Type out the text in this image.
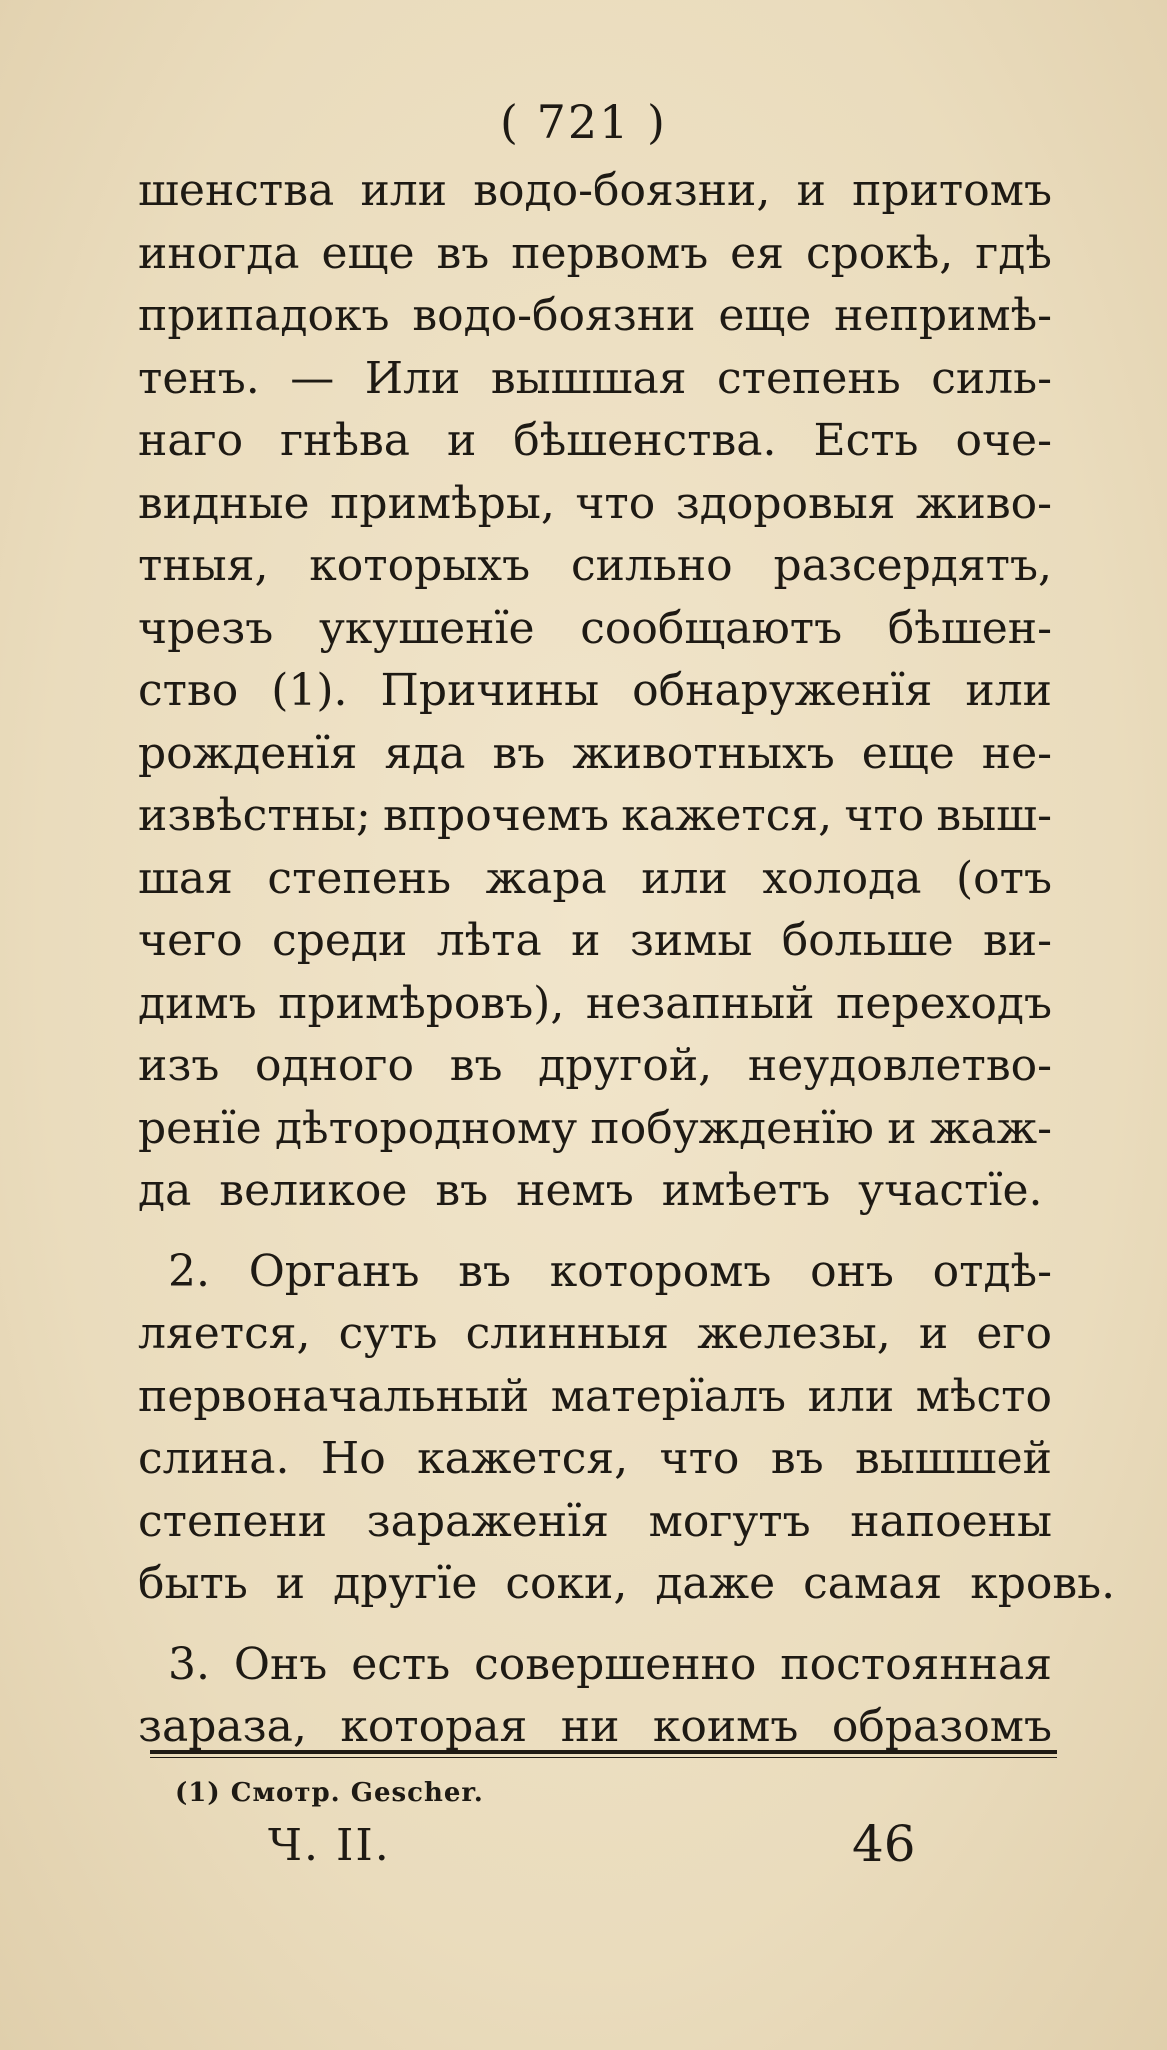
( 721 )
шенства или водо-боязни, и притомъ
иногда еще въ первомъ ея срокѣ, гдѣ
припадокъ водо-боязни еще непримѣ-
тенъ. — Или вышшая степень силь-
наго гнѣва и бѣшенства. Есть оче-
видные примѣры, что здоровыя живо-
тныя, которыхъ сильно разсердятъ,
чрезъ укушенїе сообщаютъ бѣшен-
ство (1). Причины обнаруженїя или
рожденїя яда въ животныхъ еще не-
извѣстны; впрочемъ кажется, что выш-
шая степень жара или холода (отъ
чего среди лѣта и зимы больше ви-
димъ примѣровъ), незапный переходъ
изъ одного въ другой, неудовлетво-
ренїе дѣтородному побужденїю и жаж-
да великое въ немъ имѣетъ участїе.
2. Органъ въ которомъ онъ отдѣ-
ляется, суть слинныя железы, и его
первоначальный матерїалъ или мѣсто
слина. Но кажется, что въ вышшей
степени зараженїя могутъ напоены
быть и другїе соки, даже самая кровь.
3. Онъ есть совершенно постоянная
зараза, которая ни коимъ образомъ
(1) Смотр. Gescher.
Ч. II.	46
